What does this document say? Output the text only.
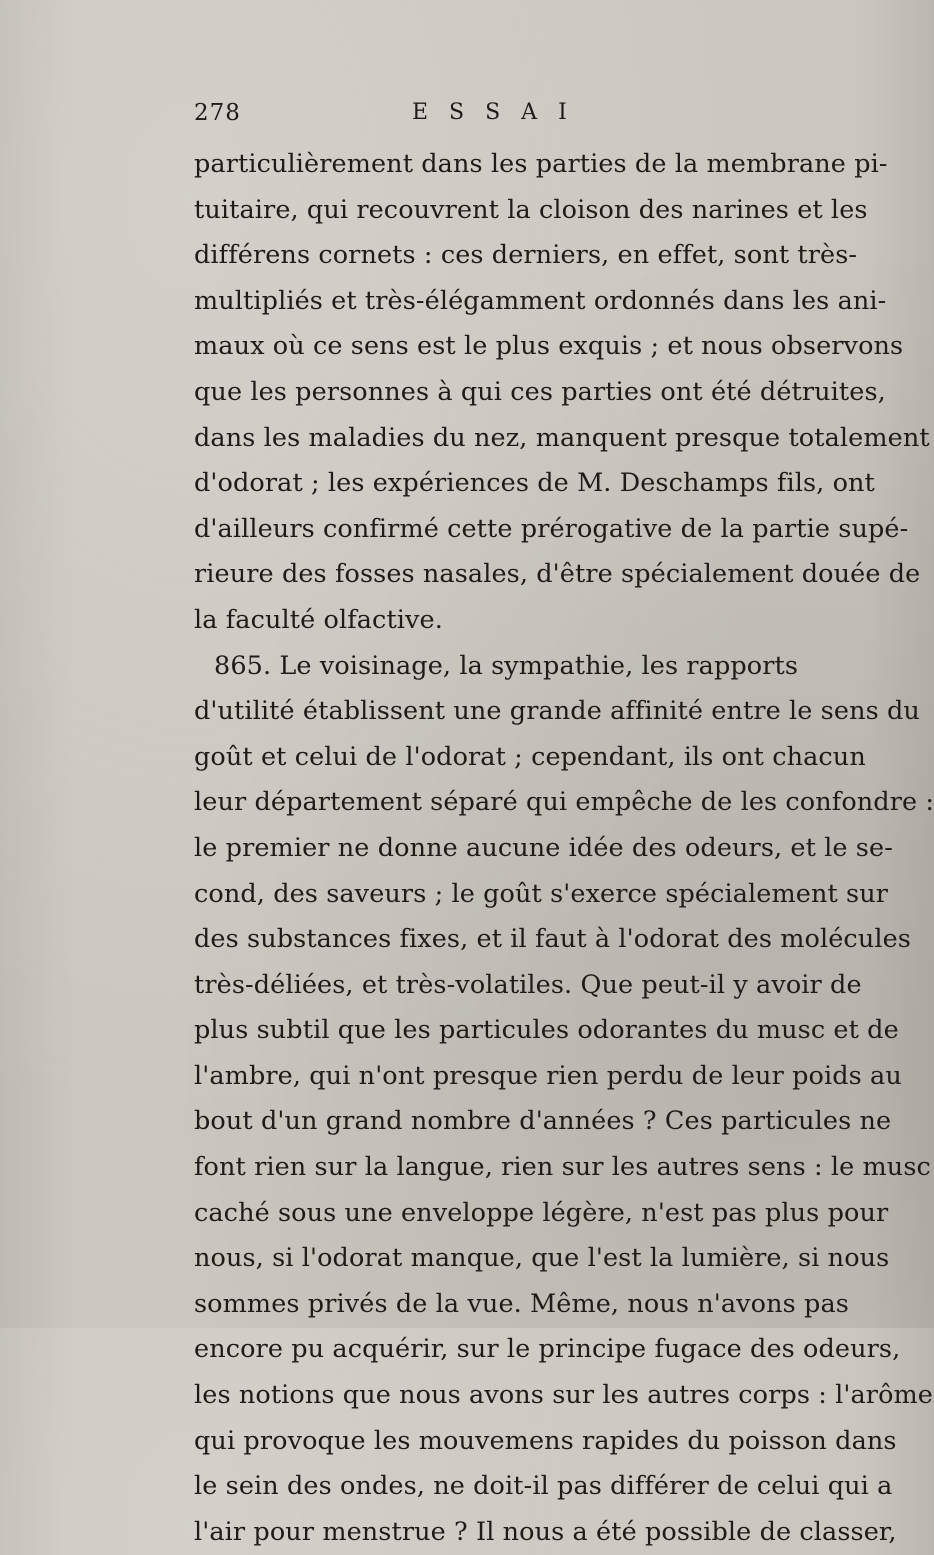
278	E S S A I
particulièrement dans les parties de la membrane pi-
tuitaire, qui recouvrent la cloison des narines et les
différens cornets : ces derniers, en effet, sont très-
multipliés et très-élégamment ordonnés dans les ani-
maux où ce sens est le plus exquis ; et nous observons
que les personnes à qui ces parties ont été détruites,
dans les maladies du nez, manquent presque totalement
d'odorat ; les expériences de M. Deschamps fils, ont
d'ailleurs confirmé cette prérogative de la partie supé-
rieure des fosses nasales, d'être spécialement douée de
la faculté olfactive.
865. Le voisinage, la sympathie, les rapports
d'utilité établissent une grande affinité entre le sens du
goût et celui de l'odorat ; cependant, ils ont chacun
leur département séparé qui empêche de les confondre :
le premier ne donne aucune idée des odeurs, et le se-
cond, des saveurs ; le goût s'exerce spécialement sur
des substances fixes, et il faut à l'odorat des molécules
très-déliées, et très-volatiles. Que peut-il y avoir de
plus subtil que les particules odorantes du musc et de
l'ambre, qui n'ont presque rien perdu de leur poids au
bout d'un grand nombre d'années ? Ces particules ne
font rien sur la langue, rien sur les autres sens : le musc
caché sous une enveloppe légère, n'est pas plus pour
nous, si l'odorat manque, que l'est la lumière, si nous
sommes privés de la vue. Même, nous n'avons pas
encore pu acquérir, sur le principe fugace des odeurs,
les notions que nous avons sur les autres corps : l'arôme
qui provoque les mouvemens rapides du poisson dans
le sein des ondes, ne doit-il pas différer de celui qui a
l'air pour menstrue ? Il nous a été possible de classer,
